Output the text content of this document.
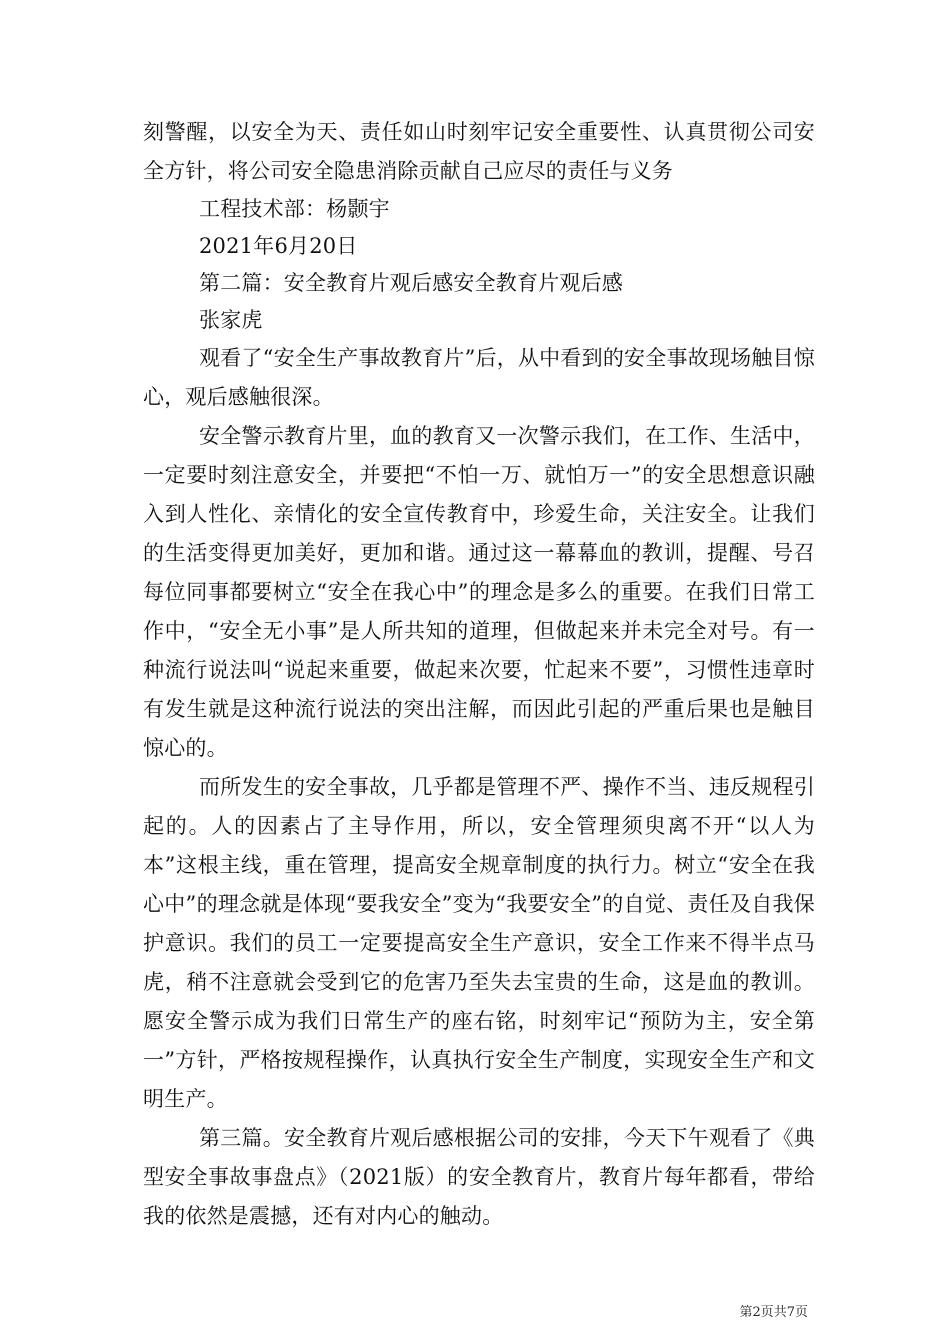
刻警醒，以安全为天、责任如山时刻牢记安全重要性、认真贯彻公司安全方针，将公司安全隐患消除贡献自己应尽的责任与义务

工程技术部：杨颢宇

2021年6月20日

第二篇：安全教育片观后感安全教育片观后感

张家虎

观看了“安全生产事故教育片”后，从中看到的安全事故现场触目惊心，观后感触很深。

安全警示教育片里，血的教育又一次警示我们，在工作、生活中，一定要时刻注意安全，并要把“不怕一万、就怕万一”的安全思想意识融入到人性化、亲情化的安全宣传教育中，珍爱生命，关注安全。让我们的生活变得更加美好，更加和谐。通过这一幕幕血的教训，提醒、号召每位同事都要树立“安全在我心中”的理念是多么的重要。在我们日常工作中，“安全无小事”是人所共知的道理，但做起来并未完全对号。有一种流行说法叫“说起来重要，做起来次要，忙起来不要”，习惯性违章时有发生就是这种流行说法的突出注解，而因此引起的严重后果也是触目惊心的。

而所发生的安全事故，几乎都是管理不严、操作不当、违反规程引起的。人的因素占了主导作用，所以，安全管理须臾离不开“以人为本”这根主线，重在管理，提高安全规章制度的执行力。树立“安全在我心中”的理念就是体现“要我安全”变为“我要安全”的自觉、责任及自我保护意识。我们的员工一定要提高安全生产意识，安全工作来不得半点马虎，稍不注意就会受到它的危害乃至失去宝贵的生命，这是血的教训。愿安全警示成为我们日常生产的座右铭，时刻牢记“预防为主，安全第一”方针，严格按规程操作，认真执行安全生产制度，实现安全生产和文明生产。

第三篇。安全教育片观后感根据公司的安排，今天下午观看了《典型安全事故事盘点》（2021版）的安全教育片，教育片每年都看，带给我的依然是震撼，还有对内心的触动。

第2页共7页
